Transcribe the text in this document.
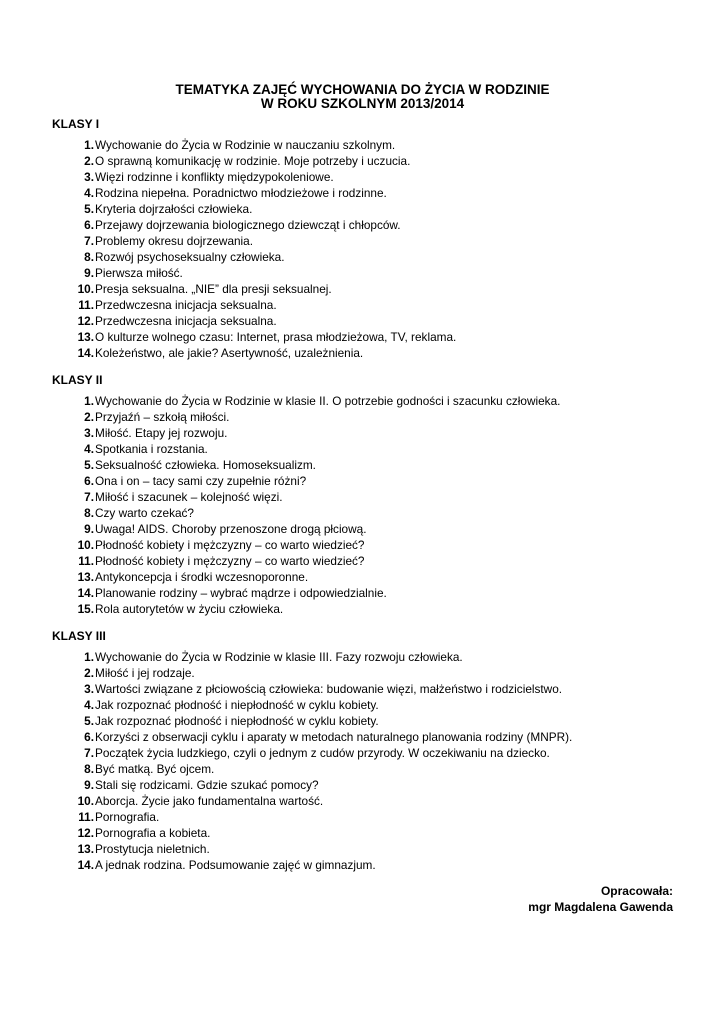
TEMATYKA ZAJĘĆ WYCHOWANIA DO ŻYCIA W RODZINIE
W ROKU SZKOLNYM 2013/2014
KLASY I
1. Wychowanie do Życia w Rodzinie w nauczaniu szkolnym.
2. O sprawną komunikację w rodzinie. Moje potrzeby i uczucia.
3. Więzi rodzinne i konflikty międzypokoleniowe.
4. Rodzina niepełna. Poradnictwo młodzieżowe i rodzinne.
5. Kryteria dojrzałości człowieka.
6. Przejawy dojrzewania biologicznego dziewcząt i chłopców.
7. Problemy okresu dojrzewania.
8. Rozwój psychoseksualny człowieka.
9. Pierwsza miłość.
10. Presja seksualna. „NIE” dla presji seksualnej.
11. Przedwczesna inicjacja seksualna.
12. Przedwczesna inicjacja seksualna.
13. O kulturze wolnego czasu: Internet, prasa młodzieżowa, TV, reklama.
14. Koleżeństwo, ale jakie? Asertywność, uzależnienia.
KLASY II
1. Wychowanie do Życia w Rodzinie w klasie II. O potrzebie godności i szacunku człowieka.
2. Przyjaźń – szkołą miłości.
3. Miłość. Etapy jej rozwoju.
4. Spotkania i rozstania.
5. Seksualność człowieka. Homoseksualizm.
6. Ona i on – tacy sami czy zupełnie różni?
7. Miłość i szacunek – kolejność więzi.
8. Czy warto czekać?
9. Uwaga! AIDS. Choroby przenoszone drogą płciową.
10. Płodność kobiety i mężczyzny – co warto wiedzieć?
11. Płodność kobiety i mężczyzny – co warto wiedzieć?
13. Antykoncepcja i środki wczesnoporonne.
14. Planowanie rodziny – wybrać mądrze i odpowiedzialnie.
15. Rola autorytetów w życiu człowieka.
KLASY III
1. Wychowanie do Życia w Rodzinie w klasie III. Fazy rozwoju człowieka.
2. Miłość i jej rodzaje.
3. Wartości związane z płciowością człowieka: budowanie więzi, małżeństwo i rodzicielstwo.
4. Jak rozpoznać płodność i niepłodność w cyklu kobiety.
5. Jak rozpoznać płodność i niepłodność w cyklu kobiety.
6. Korzyści z obserwacji cyklu i aparaty w metodach naturalnego planowania rodziny (MNPR).
7. Początek życia ludzkiego, czyli o jednym z cudów przyrody. W oczekiwaniu na dziecko.
8. Być matką. Być ojcem.
9. Stali się rodzicami. Gdzie szukać pomocy?
10. Aborcja. Życie jako fundamentalna wartość.
11. Pornografia.
12. Pornografia a kobieta.
13. Prostytucja nieletnich.
14. A jednak rodzina. Podsumowanie zajęć w gimnazjum.
Opracowała:
mgr Magdalena Gawenda
